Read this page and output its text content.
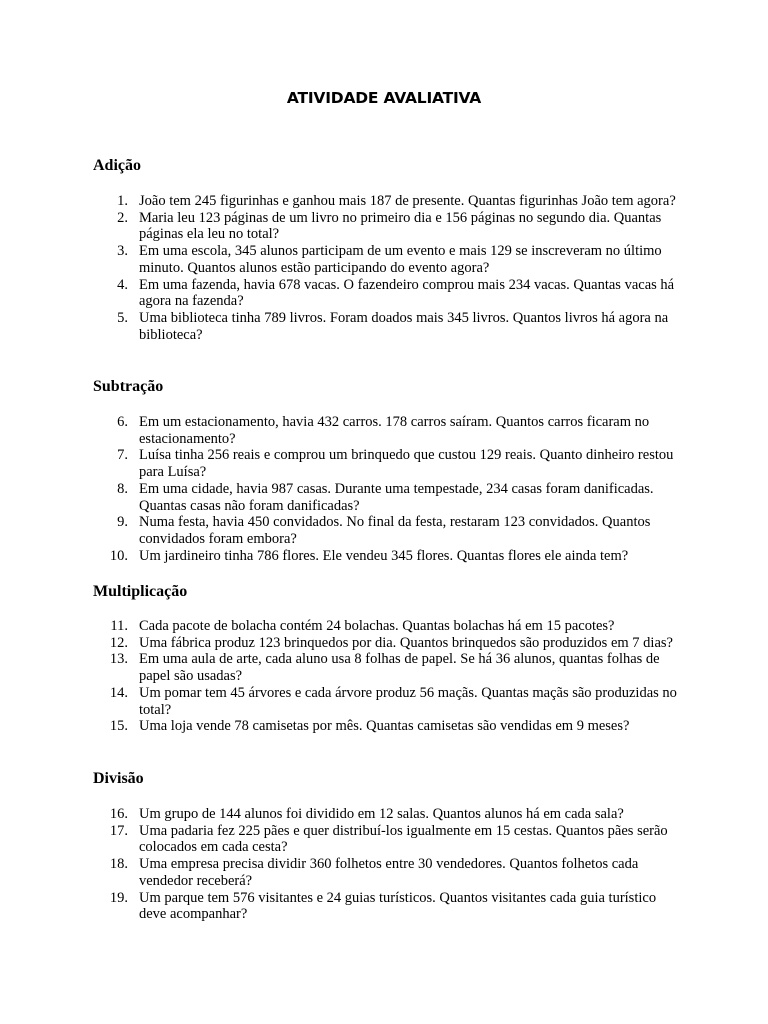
ATIVIDADE AVALIATIVA
Adição
1. João tem 245 figurinhas e ganhou mais 187 de presente. Quantas figurinhas João tem agora?
2. Maria leu 123 páginas de um livro no primeiro dia e 156 páginas no segundo dia. Quantas páginas ela leu no total?
3. Em uma escola, 345 alunos participam de um evento e mais 129 se inscreveram no último minuto. Quantos alunos estão participando do evento agora?
4. Em uma fazenda, havia 678 vacas. O fazendeiro comprou mais 234 vacas. Quantas vacas há agora na fazenda?
5. Uma biblioteca tinha 789 livros. Foram doados mais 345 livros. Quantos livros há agora na biblioteca?
Subtração
6. Em um estacionamento, havia 432 carros. 178 carros saíram. Quantos carros ficaram no estacionamento?
7. Luísa tinha 256 reais e comprou um brinquedo que custou 129 reais. Quanto dinheiro restou para Luísa?
8. Em uma cidade, havia 987 casas. Durante uma tempestade, 234 casas foram danificadas. Quantas casas não foram danificadas?
9. Numa festa, havia 450 convidados. No final da festa, restaram 123 convidados. Quantos convidados foram embora?
10. Um jardineiro tinha 786 flores. Ele vendeu 345 flores. Quantas flores ele ainda tem?
Multiplicação
11. Cada pacote de bolacha contém 24 bolachas. Quantas bolachas há em 15 pacotes?
12. Uma fábrica produz 123 brinquedos por dia. Quantos brinquedos são produzidos em 7 dias?
13. Em uma aula de arte, cada aluno usa 8 folhas de papel. Se há 36 alunos, quantas folhas de papel são usadas?
14. Um pomar tem 45 árvores e cada árvore produz 56 maçãs. Quantas maçãs são produzidas no total?
15. Uma loja vende 78 camisetas por mês. Quantas camisetas são vendidas em 9 meses?
Divisão
16. Um grupo de 144 alunos foi dividido em 12 salas. Quantos alunos há em cada sala?
17. Uma padaria fez 225 pães e quer distribuí-los igualmente em 15 cestas. Quantos pães serão colocados em cada cesta?
18. Uma empresa precisa dividir 360 folhetos entre 30 vendedores. Quantos folhetos cada vendedor receberá?
19. Um parque tem 576 visitantes e 24 guias turísticos. Quantos visitantes cada guia turístico deve acompanhar?
